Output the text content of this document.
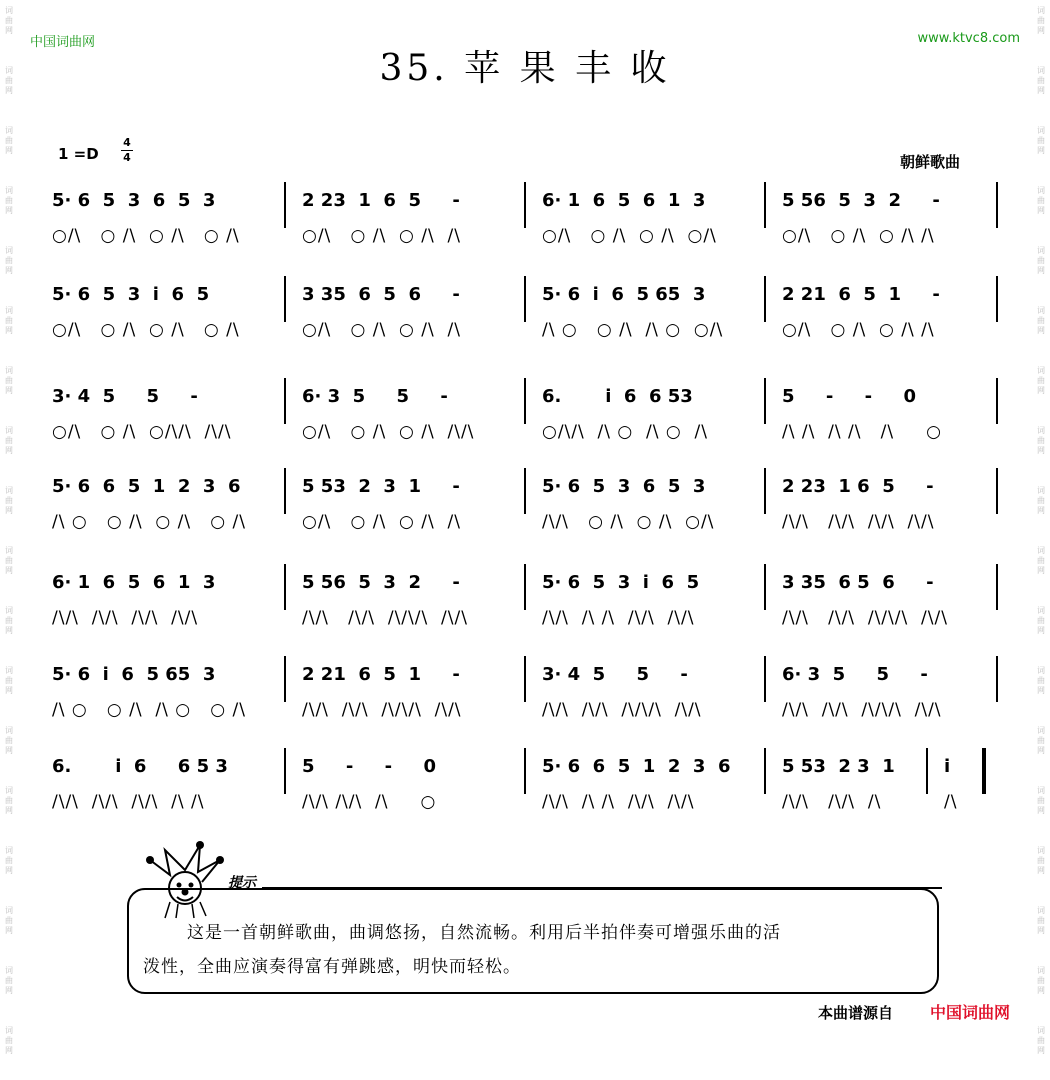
词
曲
网
词
曲
网
词
曲
网
词
曲
网
词
曲
网
词
曲
网
词
曲
网
词
曲
网
词
曲
网
词
曲
网
词
曲
网
词
曲
网
词
曲
网
词
曲
网
词
曲
网
词
曲
网
词
曲
网
词
曲
网
词
曲
网
词
曲
网
词
曲
网
词
曲
网
词
曲
网
词
曲
网
词
曲
网
词
曲
网
词
曲
网
词
曲
网
词
曲
网
词
曲
网
词
曲
网
词
曲
网
词
曲
网
词
曲
网
词
曲
网
词
曲
网
中国词曲网	www.ktvc8.com
35. 苹 果 丰 收
1 =D
4
4	朝鲜歌曲
5· 6  5  3  6  5  3
○/\   ○ /\  ○ /\   ○ /\
2 23  1  6  5     -
○/\   ○ /\  ○ /\  /\
6· 1  6  5  6  1  3
○/\   ○ /\  ○ /\  ○/\
5 56  5  3  2     -
○/\   ○ /\  ○ /\ /\
5· 6  5  3  i  6  5
○/\   ○ /\  ○ /\   ○ /\
3 35  6  5  6     -
○/\   ○ /\  ○ /\  /\
5· 6  i  6  5 65  3
/\ ○   ○ /\  /\ ○  ○/\
2 21  6  5  1     -
○/\   ○ /\  ○ /\ /\
3· 4  5     5     -
○/\   ○ /\  ○/\/\  /\/\
6· 3  5     5     -
○/\   ○ /\  ○ /\  /\/\
6.       i  6  6 53
○/\/\  /\ ○  /\ ○  /\
5     -     -     0
/\ /\  /\ /\   /\     ○
5· 6  6  5  1  2  3  6
/\ ○   ○ /\  ○ /\   ○ /\
5 53  2  3  1     -
○/\   ○ /\  ○ /\  /\
5· 6  5  3  6  5  3
/\/\   ○ /\  ○ /\  ○/\
2 23  1 6  5     -
/\/\   /\/\  /\/\  /\/\
6· 1  6  5  6  1  3
/\/\  /\/\  /\/\  /\/\
5 56  5  3  2     -
/\/\   /\/\  /\/\/\  /\/\
5· 6  5  3  i  6  5
/\/\  /\ /\  /\/\  /\/\
3 35  6 5  6     -
/\/\   /\/\  /\/\/\  /\/\
5· 6  i  6  5 65  3
/\ ○   ○ /\  /\ ○   ○ /\
2 21  6  5  1     -
/\/\  /\/\  /\/\/\  /\/\
3· 4  5     5     -
/\/\  /\/\  /\/\/\  /\/\
6· 3  5     5     -
/\/\  /\/\  /\/\/\  /\/\
6.       i  6     6 5 3
/\/\  /\/\  /\/\  /\ /\
5     -     -     0
/\/\ /\/\  /\     ○
5· 6  6  5  1  2  3  6
/\/\  /\ /\  /\/\  /\/\
5 53  2 3  1
/\/\   /\/\  /\
i
/\
提示
这是一首朝鲜歌曲，曲调悠扬，自然流畅。利用后半拍伴奏可增强乐曲的活
泼性，全曲应演奏得富有弹跳感，明快而轻松。
本曲谱源自 中国词曲网
